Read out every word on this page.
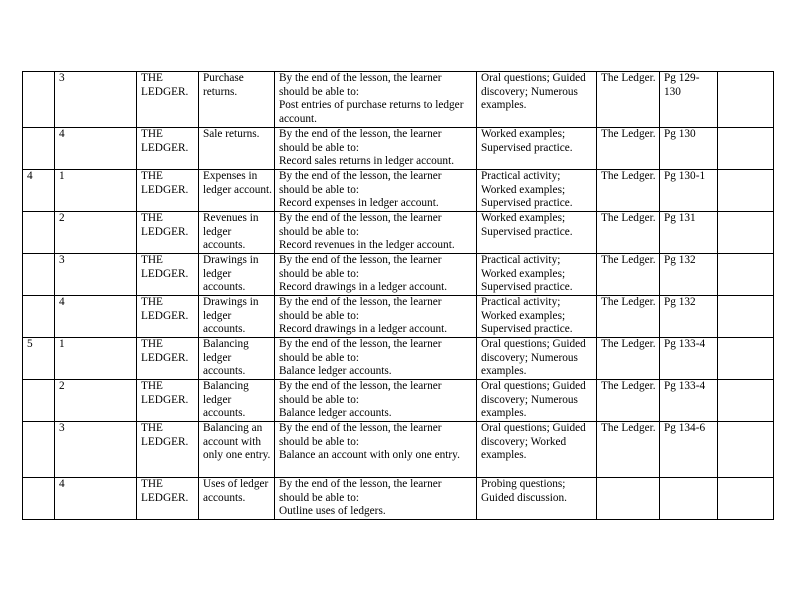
	3	THE LEDGER.	Purchase returns.	By the end of the lesson, the learner should be able to:
Post entries of purchase returns to ledger account.	Oral questions; Guided discovery; Numerous examples.	The Ledger.	Pg 129-130	
	4	THE LEDGER.	Sale returns.	By the end of the lesson, the learner should be able to:
Record sales returns in ledger account.	Worked examples; Supervised practice.	The Ledger.	Pg 130	
4	1	THE LEDGER.	Expenses in ledger account.	By the end of the lesson, the learner should be able to:
Record expenses in ledger account.	Practical activity; Worked examples; Supervised practice.	The Ledger.	Pg 130-1	
	2	THE LEDGER.	Revenues in ledger accounts.	By the end of the lesson, the learner should be able to:
Record revenues in the ledger account.	Worked examples; Supervised practice.	The Ledger.	Pg 131	
	3	THE LEDGER.	Drawings in ledger accounts.	By the end of the lesson, the learner should be able to:
Record drawings in a ledger account.	Practical activity; Worked examples; Supervised practice.	The Ledger.	Pg 132	
	4	THE LEDGER.	Drawings in ledger accounts.	By the end of the lesson, the learner should be able to:
Record drawings in a ledger account.	Practical activity; Worked examples; Supervised practice.	The Ledger.	Pg 132	
5	1	THE LEDGER.	Balancing ledger accounts.	By the end of the lesson, the learner should be able to:
Balance ledger accounts.	Oral questions; Guided discovery; Numerous examples.	The Ledger.	Pg 133-4	
	2	THE LEDGER.	Balancing ledger accounts.	By the end of the lesson, the learner should be able to:
Balance ledger accounts.	Oral questions; Guided discovery; Numerous examples.	The Ledger.	Pg 133-4	
	3	THE LEDGER.	Balancing an account with only one entry.	By the end of the lesson, the learner should be able to:
Balance an account with only one entry.	Oral questions; Guided discovery; Worked examples.	The Ledger.	Pg 134-6	
	4	THE LEDGER.	Uses of ledger accounts.	By the end of the lesson, the learner should be able to:
Outline uses of ledgers.	Probing questions; Guided discussion.			
